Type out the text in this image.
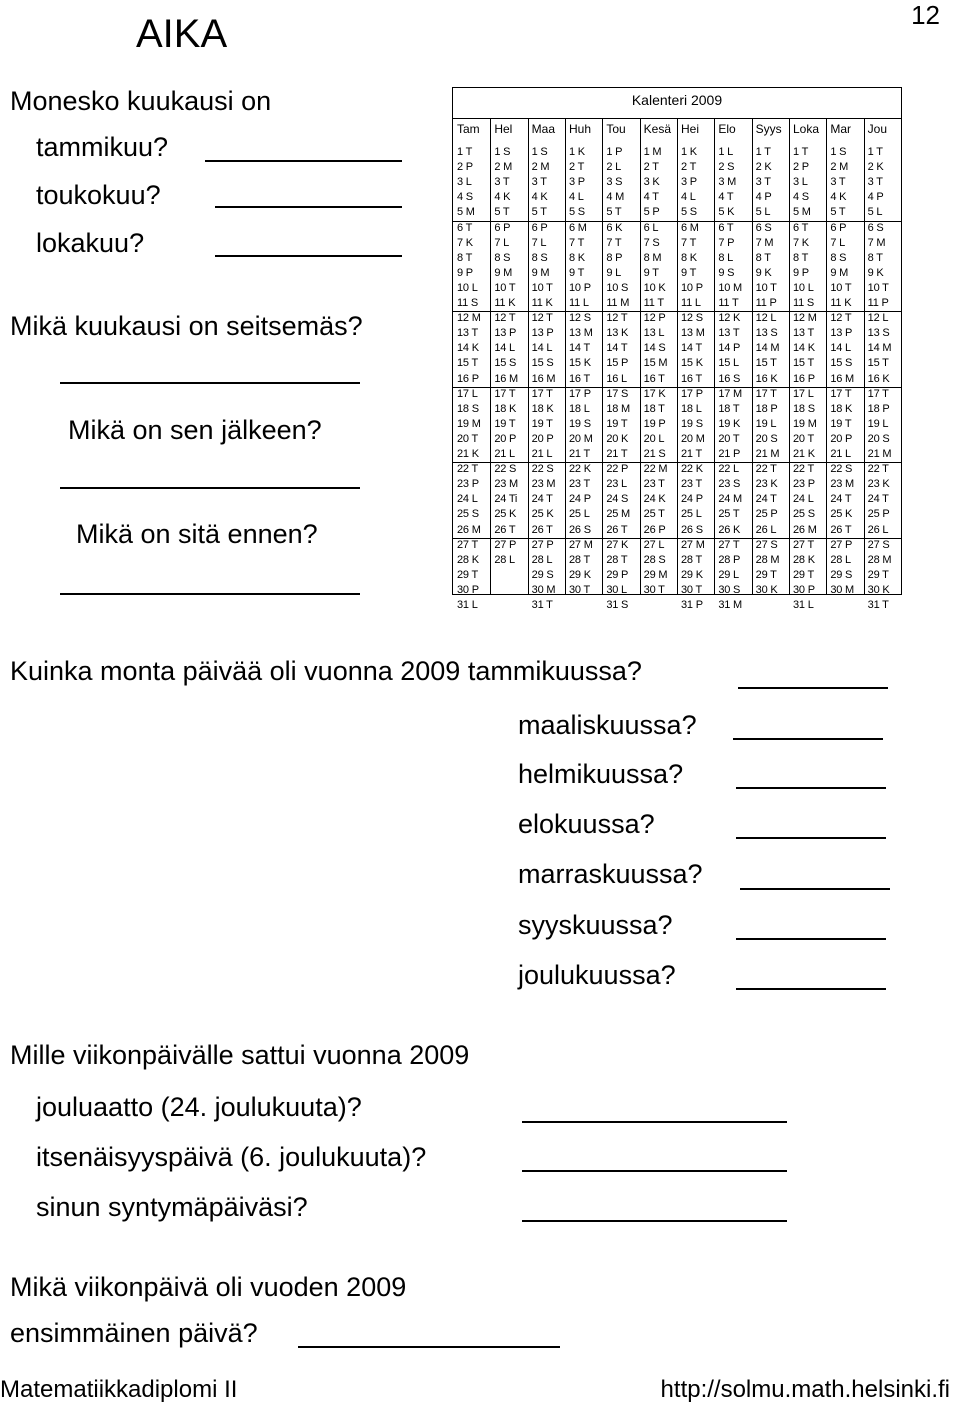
12
AIKA
Monesko kuukausi on
tammikuu?
toukokuu?
lokakuu?
Mikä kuukausi on seitsemäs?
Mikä on sen jälkeen?
Mikä on sitä ennen?
Kalenteri 2009
Tam
1 T
2 P
3 L
4 S
5 M
6 T
7 K
8 T
9 P
10 L
11 S
12 M
13 T
14 K
15 T
16 P
17 L
18 S
19 M
20 T
21 K
22 T
23 P
24 L
25 S
26 M
27 T
28 K
29 T
30 P
31 L
Hel
1 S
2 M
3 T
4 K
5 T
6 P
7 L
8 S
9 M
10 T
11 K
12 T
13 P
14 L
15 S
16 M
17 T
18 K
19 T
20 P
21 L
22 S
23 M
24 Ti
25 K
26 T
27 P
28 L
Maa
1 S
2 M
3 T
4 K
5 T
6 P
7 L
8 S
9 M
10 T
11 K
12 T
13 P
14 L
15 S
16 M
17 T
18 K
19 T
20 P
21 L
22 S
23 M
24 T
25 K
26 T
27 P
28 L
29 S
30 M
31 T
Huh
1 K
2 T
3 P
4 L
5 S
6 M
7 T
8 K
9 T
10 P
11 L
12 S
13 M
14 T
15 K
16 T
17 P
18 L
19 S
20 M
21 T
22 K
23 T
24 P
25 L
26 S
27 M
28 T
29 K
30 T
Tou
1 P
2 L
3 S
4 M
5 T
6 K
7 T
8 P
9 L
10 S
11 M
12 T
13 K
14 T
15 P
16 L
17 S
18 M
19 T
20 K
21 T
22 P
23 L
24 S
25 M
26 T
27 K
28 T
29 P
30 L
31 S
Kesä
1 M
2 T
3 K
4 T
5 P
6 L
7 S
8 M
9 T
10 K
11 T
12 P
13 L
14 S
15 M
16 T
17 K
18 T
19 P
20 L
21 S
22 M
23 T
24 K
25 T
26 P
27 L
28 S
29 M
30 T
Hei
1 K
2 T
3 P
4 L
5 S
6 M
7 T
8 K
9 T
10 P
11 L
12 S
13 M
14 T
15 K
16 T
17 P
18 L
19 S
20 M
21 T
22 K
23 T
24 P
25 L
26 S
27 M
28 T
29 K
30 T
31 P
Elo
1 L
2 S
3 M
4 T
5 K
6 T
7 P
8 L
9 S
10 M
11 T
12 K
13 T
14 P
15 L
16 S
17 M
18 T
19 K
20 T
21 P
22 L
23 S
24 M
25 T
26 K
27 T
28 P
29 L
30 S
31 M
Syys
1 T
2 K
3 T
4 P
5 L
6 S
7 M
8 T
9 K
10 T
11 P
12 L
13 S
14 M
15 T
16 K
17 T
18 P
19 L
20 S
21 M
22 T
23 K
24 T
25 P
26 L
27 S
28 M
29 T
30 K
Loka
1 T
2 P
3 L
4 S
5 M
6 T
7 K
8 T
9 P
10 L
11 S
12 M
13 T
14 K
15 T
16 P
17 L
18 S
19 M
20 T
21 K
22 T
23 P
24 L
25 S
26 M
27 T
28 K
29 T
30 P
31 L
Mar
1 S
2 M
3 T
4 K
5 T
6 P
7 L
8 S
9 M
10 T
11 K
12 T
13 P
14 L
15 S
16 M
17 T
18 K
19 T
20 P
21 L
22 S
23 M
24 T
25 K
26 T
27 P
28 L
29 S
30 M
Jou
1 T
2 K
3 T
4 P
5 L
6 S
7 M
8 T
9 K
10 T
11 P
12 L
13 S
14 M
15 T
16 K
17 T
18 P
19 L
20 S
21 M
22 T
23 K
24 T
25 P
26 L
27 S
28 M
29 T
30 K
31 T
Kuinka monta päivää oli vuonna 2009 tammikuussa?
maaliskuussa?
helmikuussa?
elokuussa?
marraskuussa?
syyskuussa?
joulukuussa?
Mille viikonpäivälle sattui vuonna 2009
jouluaatto (24. joulukuuta)?
itsenäisyyspäivä (6. joulukuuta)?
sinun syntymäpäiväsi?
Mikä viikonpäivä oli vuoden 2009
ensimmäinen päivä?
Matematiikkadiplomi II	http://solmu.math.helsinki.fi
